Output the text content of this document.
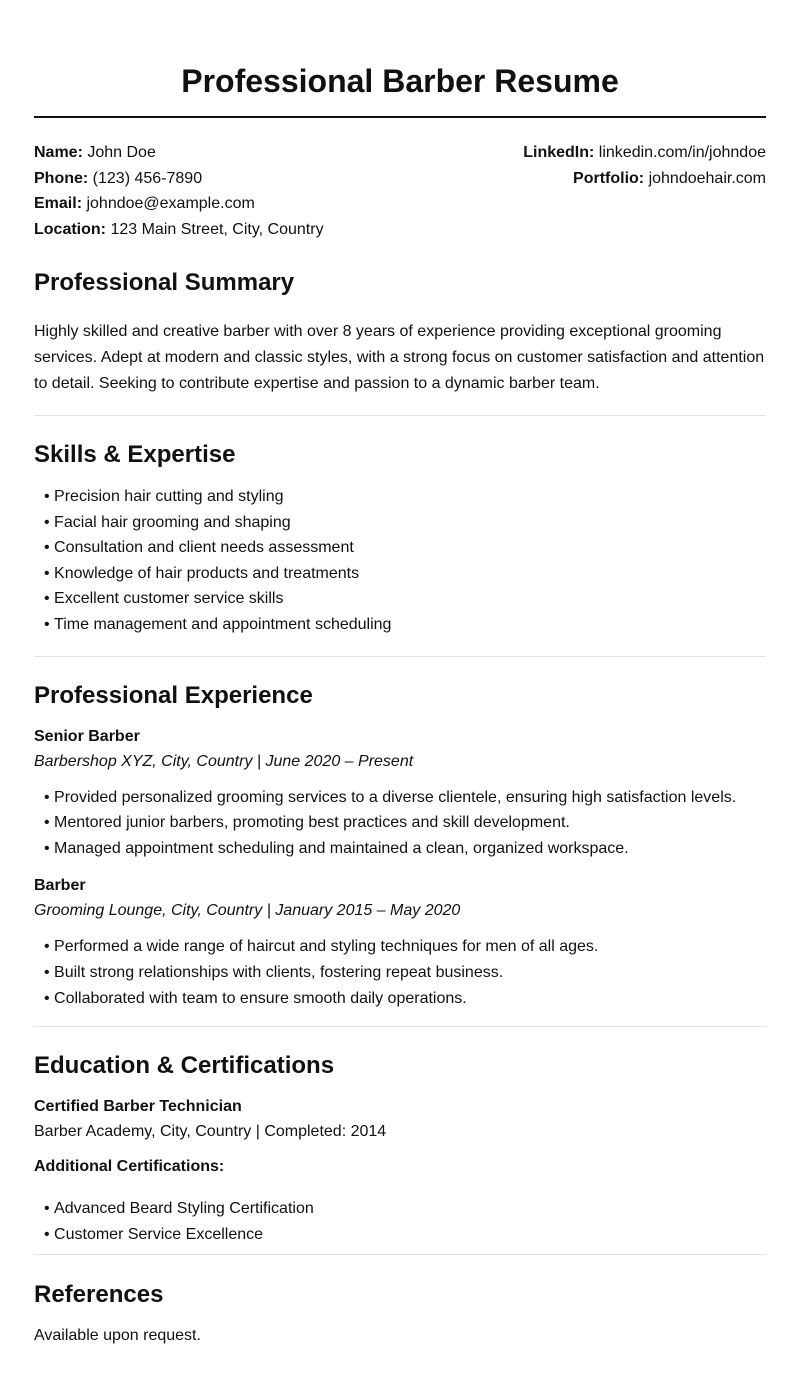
Professional Barber Resume
Name: John Doe
Phone: (123) 456-7890
Email: johndoe@example.com
Location: 123 Main Street, City, Country
LinkedIn: linkedin.com/in/johndoe
Portfolio: johndoehair.com
Professional Summary

Highly skilled and creative barber with over 8 years of experience providing exceptional grooming services. Adept at modern and classic styles, with a strong focus on customer satisfaction and attention to detail. Seeking to contribute expertise and passion to a dynamic barber team.

Skills & Expertise
• Precision hair cutting and styling
• Facial hair grooming and shaping
• Consultation and client needs assessment
• Knowledge of hair products and treatments
• Excellent customer service skills
• Time management and appointment scheduling
Professional Experience
Senior Barber
Barbershop XYZ, City, Country | June 2020 – Present
• Provided personalized grooming services to a diverse clientele, ensuring high satisfaction levels.
• Mentored junior barbers, promoting best practices and skill development.
• Managed appointment scheduling and maintained a clean, organized workspace.
Barber
Grooming Lounge, City, Country | January 2015 – May 2020
• Performed a wide range of haircut and styling techniques for men of all ages.
• Built strong relationships with clients, fostering repeat business.
• Collaborated with team to ensure smooth daily operations.
Education & Certifications
Certified Barber Technician
Barber Academy, City, Country | Completed: 2014
Additional Certifications:
• Advanced Beard Styling Certification
• Customer Service Excellence
References
Available upon request.
